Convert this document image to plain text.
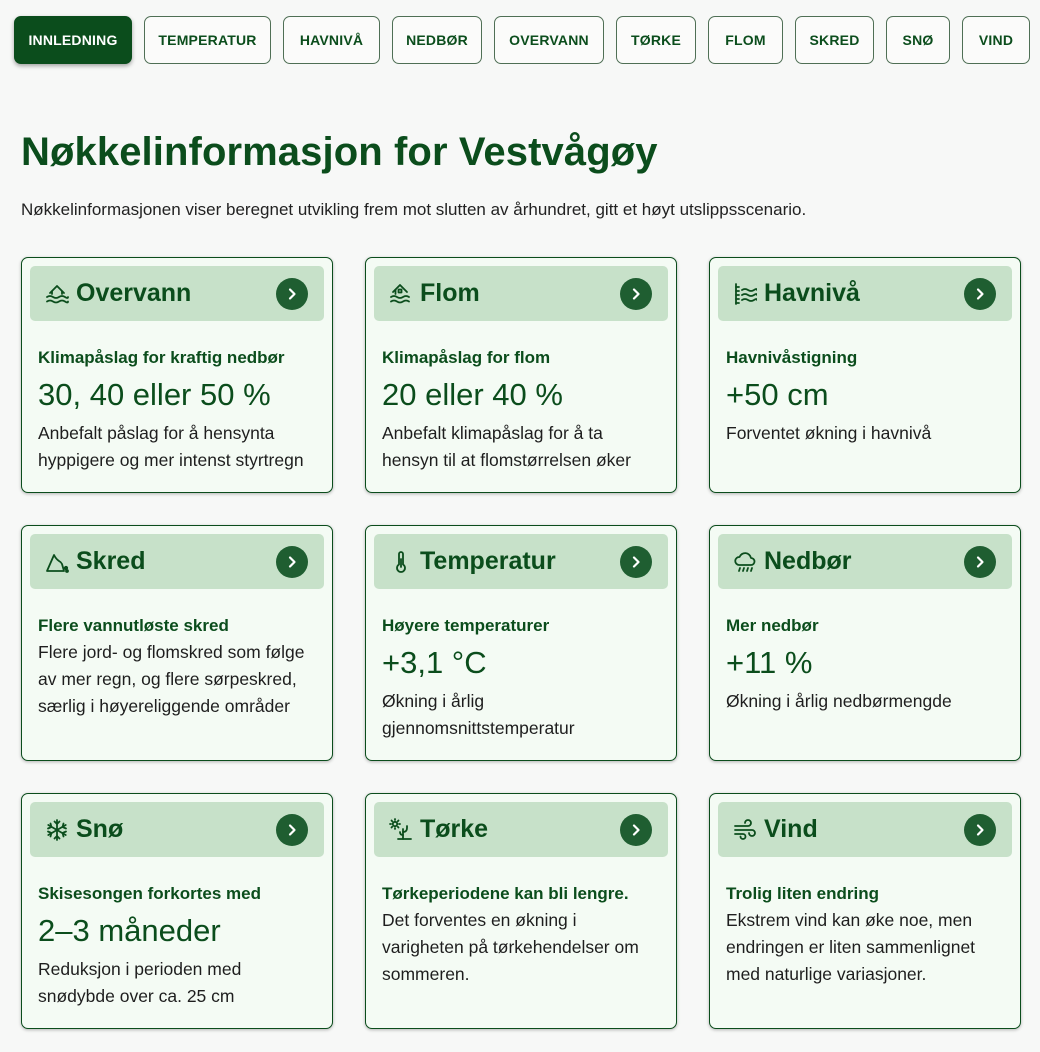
INNLEDNING	TEMPERATUR	HAVNIVÅ	NEDBØR	OVERVANN	TØRKE	FLOM	SKRED	SNØ	VIND
Nøkkelinformasjon for Vestvågøy

Nøkkelinformasjonen viser beregnet utvikling frem mot slutten av århundret, gitt et høyt utslippsscenario.

Overvann
Klimapåslag for kraftig nedbør
30, 40 eller 50 %
Anbefalt påslag for å hensynta hyppigere og mer intenst styrtregn
Flom
Klimapåslag for flom
20 eller 40 %
Anbefalt klimapåslag for å ta hensyn til at flomstørrelsen øker
Havnivå
Havnivåstigning
+50 cm
Forventet økning i havnivå
Skred
Flere vannutløste skred
Flere jord- og flomskred som følge av mer regn, og flere sørpeskred, særlig i høyereliggende områder
Temperatur
Høyere temperaturer
+3,1 °C
Økning i årlig gjennomsnittstemperatur
Nedbør
Mer nedbør
+11 %
Økning i årlig nedbørmengde
Snø
Skisesongen forkortes med
2–3 måneder
Reduksjon i perioden med snødybde over ca. 25 cm
Tørke
Tørkeperiodene kan bli lengre.
Det forventes en økning i varigheten på tørkehendelser om sommeren.
Vind
Trolig liten endring
Ekstrem vind kan øke noe, men endringen er liten sammenlignet med naturlige variasjoner.
